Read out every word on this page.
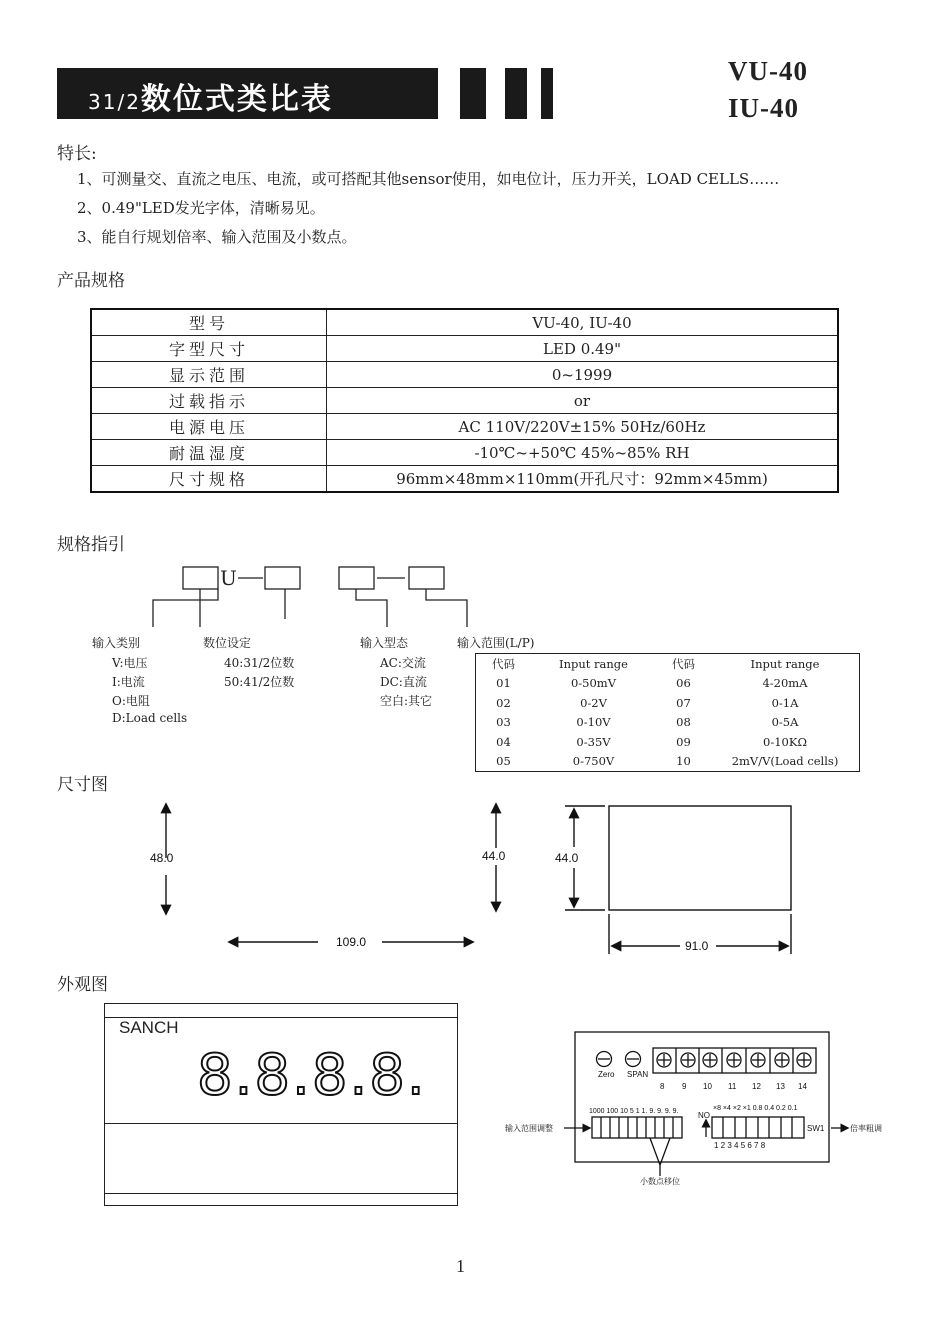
31/2数位式类比表
VU-40
IU-40
特长:
1、可测量交、直流之电压、电流，或可搭配其他sensor使用，如电位计，压力开关，LOAD CELLS……
2、0.49"LED发光字体，清晰易见。
3、能自行规划倍率、输入范围及小数点。
产品规格
型号	VU-40, IU-40
字型尺寸	LED 0.49"
显示范围	0~1999
过载指示	or
电源电压	AC 110V/220V±15% 50Hz/60Hz
耐温湿度	-10℃~+50℃ 45%~85% RH
尺寸规格	96mm×48mm×110mm(开孔尺寸：92mm×45mm)
规格指引
U
输入类别
V:电压
I:电流
O:电阻
D:Load cells
数位设定
40:31/2位数
50:41/2位数
输入型态
AC:交流
DC:直流
空白:其它
输入范围(L/P)
代码	Input range	代码	Input range
01	0-50mV	06	4-20mA
02	0-2V	07	0-1A
03	0-10V	08	0-5A
04	0-35V	09	0-10KΩ
05	0-750V	10	2mV/V(Load cells)
尺寸图
48.0	44.0
109.0
44.0
91.0
外观图
SANCH
8.8.8.8.	Zero SPAN
8 9 10 11 12 13 14
1000 100 10 5 1 1. 9. 9. 9. 9.	×8 ×4 ×2 ×1 0.8 0.4 0.2 0.1
NO
SW1
1 2 3 4 5 6 7 8
输入范围调整	倍率粗调
小数点移位
1
